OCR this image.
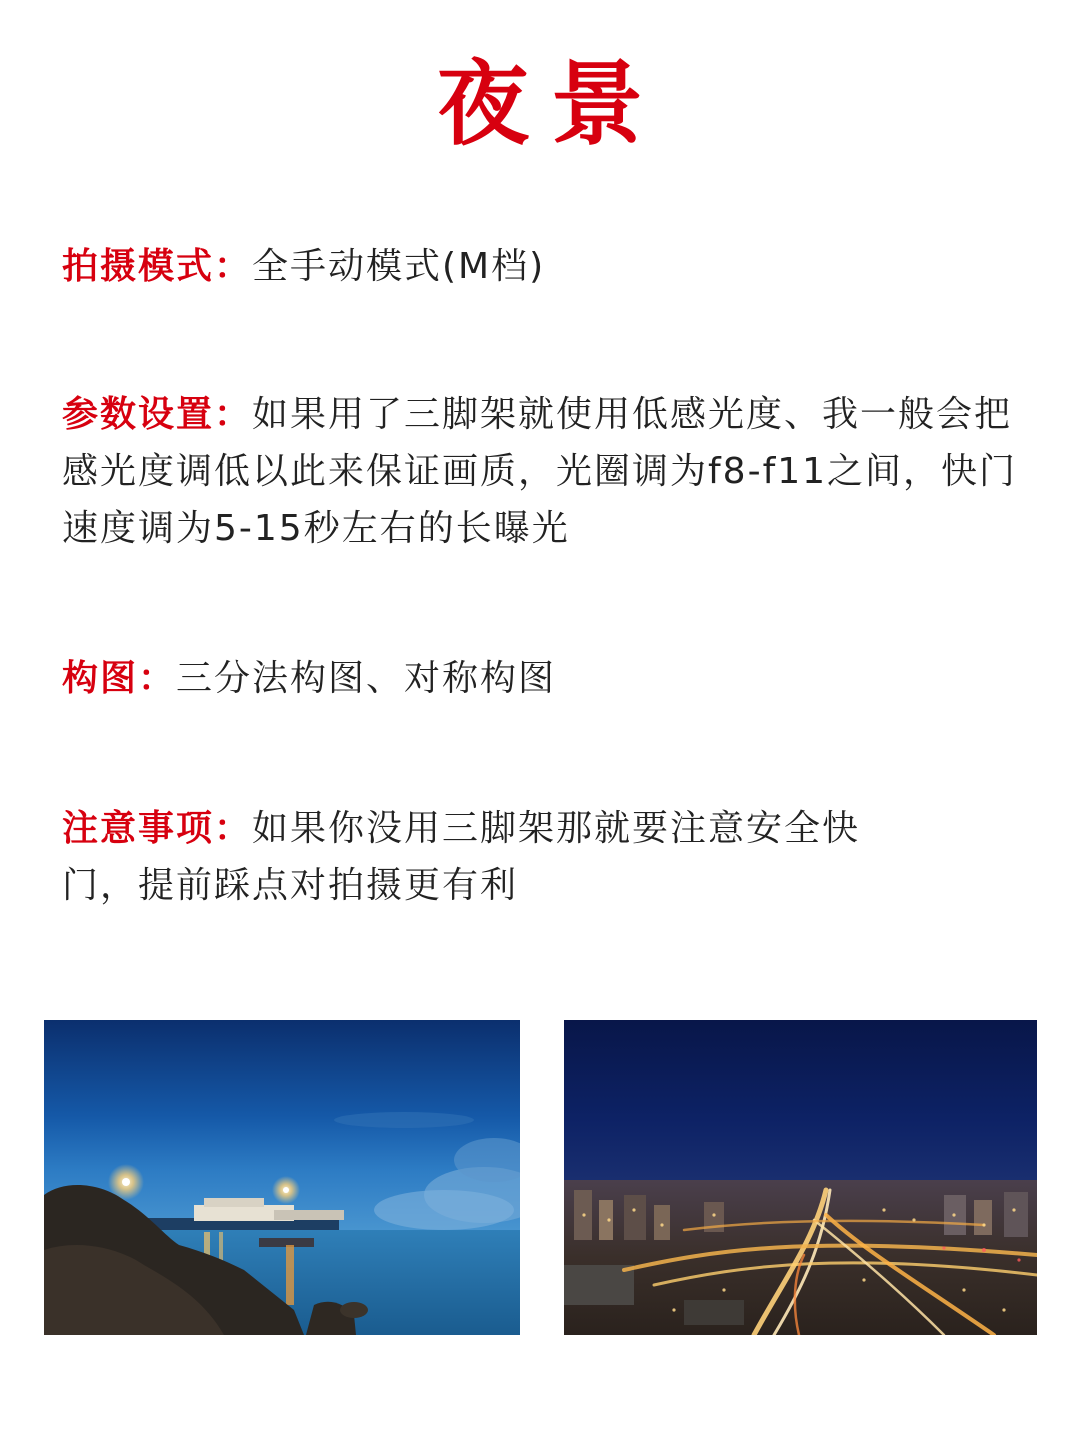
夜景
拍摄模式：全手动模式(M档)
参数设置：如果用了三脚架就使用低感光度、我一般会把感光度调低以此来保证画质，光圈调为f8-f11之间，快门速度调为5-15秒左右的长曝光
构图：三分法构图、对称构图
注意事项：如果你没用三脚架那就要注意安全快门，提前踩点对拍摄更有利
